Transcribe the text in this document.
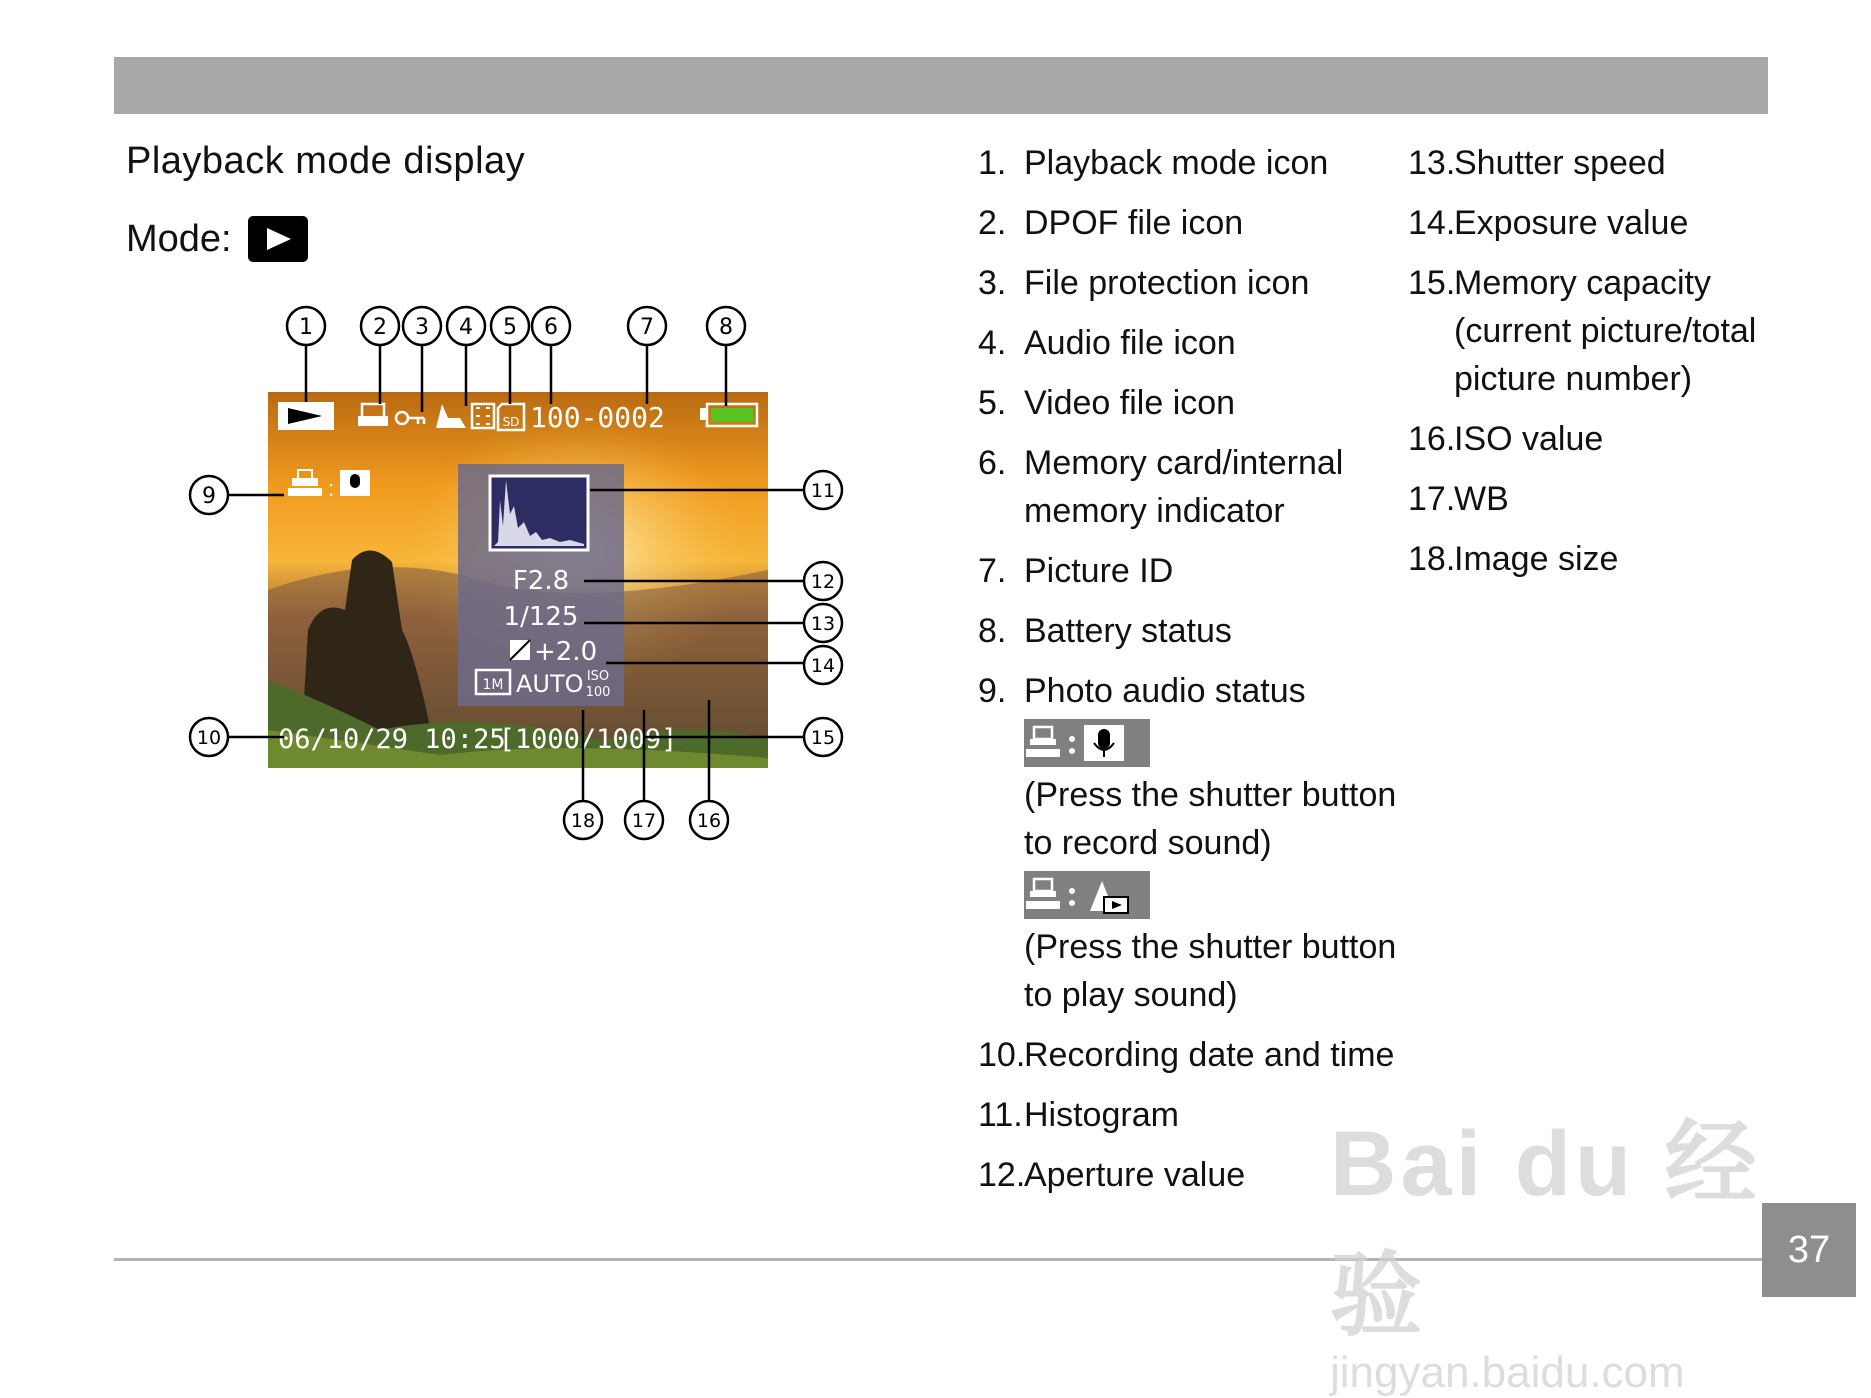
Playback mode display
Mode:
SD 100-0002
:
F2.8
1/125
+2.0
1M AUTO ISO
100
06/10/29 10:25
[1000/1009]
1	2 3 4 5 6	7	8
9
10
11
12
13
14
15
16
17
18
1. Playback mode icon
2. DPOF file icon
3. File protection icon
4. Audio file icon
5. Video file icon
6. Memory card/internal memory indicator
7. Picture ID
8. Battery status
9. Photo audio status
(Press the shutter button to record sound)
(Press the shutter button to play sound)
10.
Recording date and time
11. Histogram
12.
Aperture value
13.
Shutter speed
14.
Exposure value
15.
Memory capacity (current picture/total picture number)
16.
ISO value
17.
WB
18.
Image size
Bai du 经验
jingyan.baidu.com
37
